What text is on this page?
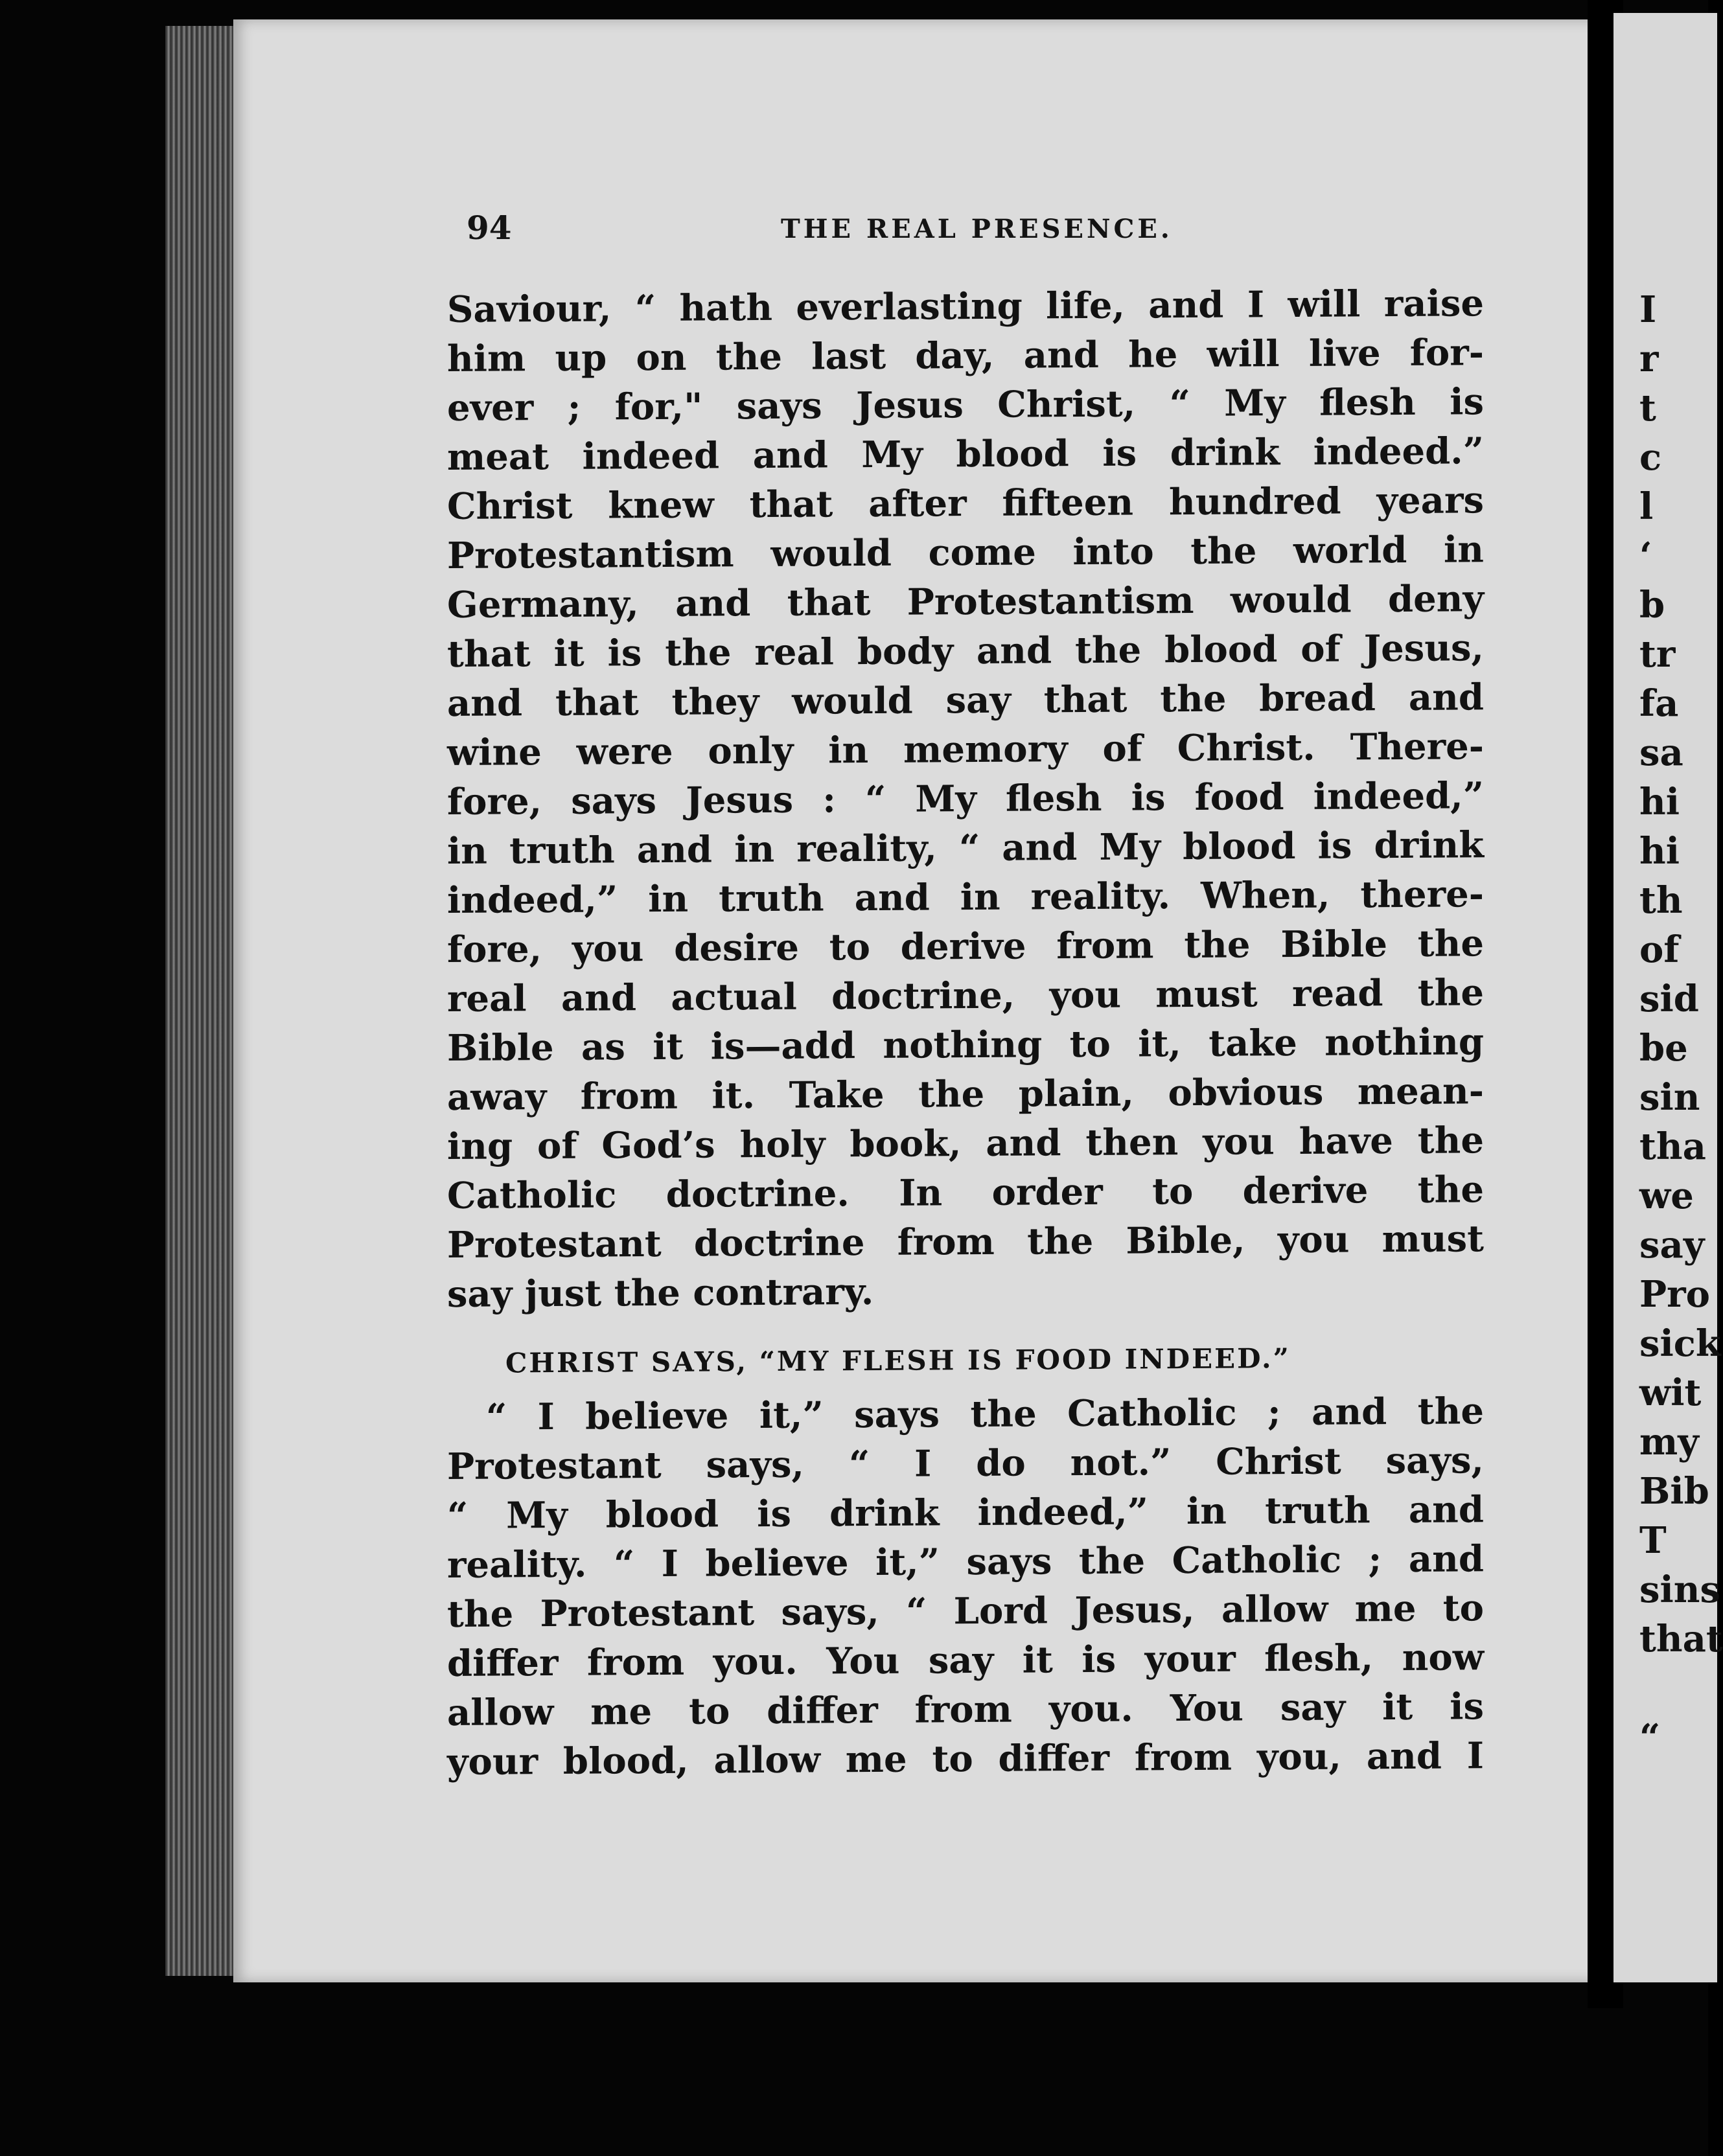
94	THE REAL PRESENCE.
Saviour, “ hath everlasting life, and I will raise
him up on the last day, and he will live for-
ever ; for," says Jesus Christ, “ My flesh is
meat indeed and My blood is drink indeed.”
Christ knew that after fifteen hundred years
Protestantism would come into the world in
Germany, and that Protestantism would deny
that it is the real body and the blood of Jesus,
and that they would say that the bread and
wine were only in memory of Christ. There-
fore, says Jesus : “ My flesh is food indeed,”
in truth and in reality, “ and My blood is drink
indeed,” in truth and in reality. When, there-
fore, you desire to derive from the Bible the
real and actual doctrine, you must read the
Bible as it is—add nothing to it, take nothing
away from it. Take the plain, obvious mean-
ing of God’s holy book, and then you have the
Catholic doctrine. In order to derive the
Protestant doctrine from the Bible, you must
say just the contrary.
CHRIST SAYS, “MY FLESH IS FOOD INDEED.”
“ I believe it,” says the Catholic ; and the
Protestant says, “ I do not.” Christ says,
“ My blood is drink indeed,” in truth and
reality. “ I believe it,” says the Catholic ; and
the Protestant says, “ Lord Jesus, allow me to
differ from you. You say it is your flesh, now
allow me to differ from you. You say it is
your blood, allow me to differ from you, and I
I
r
t
c
l
‘
b
tr
fa
sa
hi
hi
th
of
sid
be
sin
tha
we
say
Pro
sick
wit
my
Bib
T
sins
that
“
